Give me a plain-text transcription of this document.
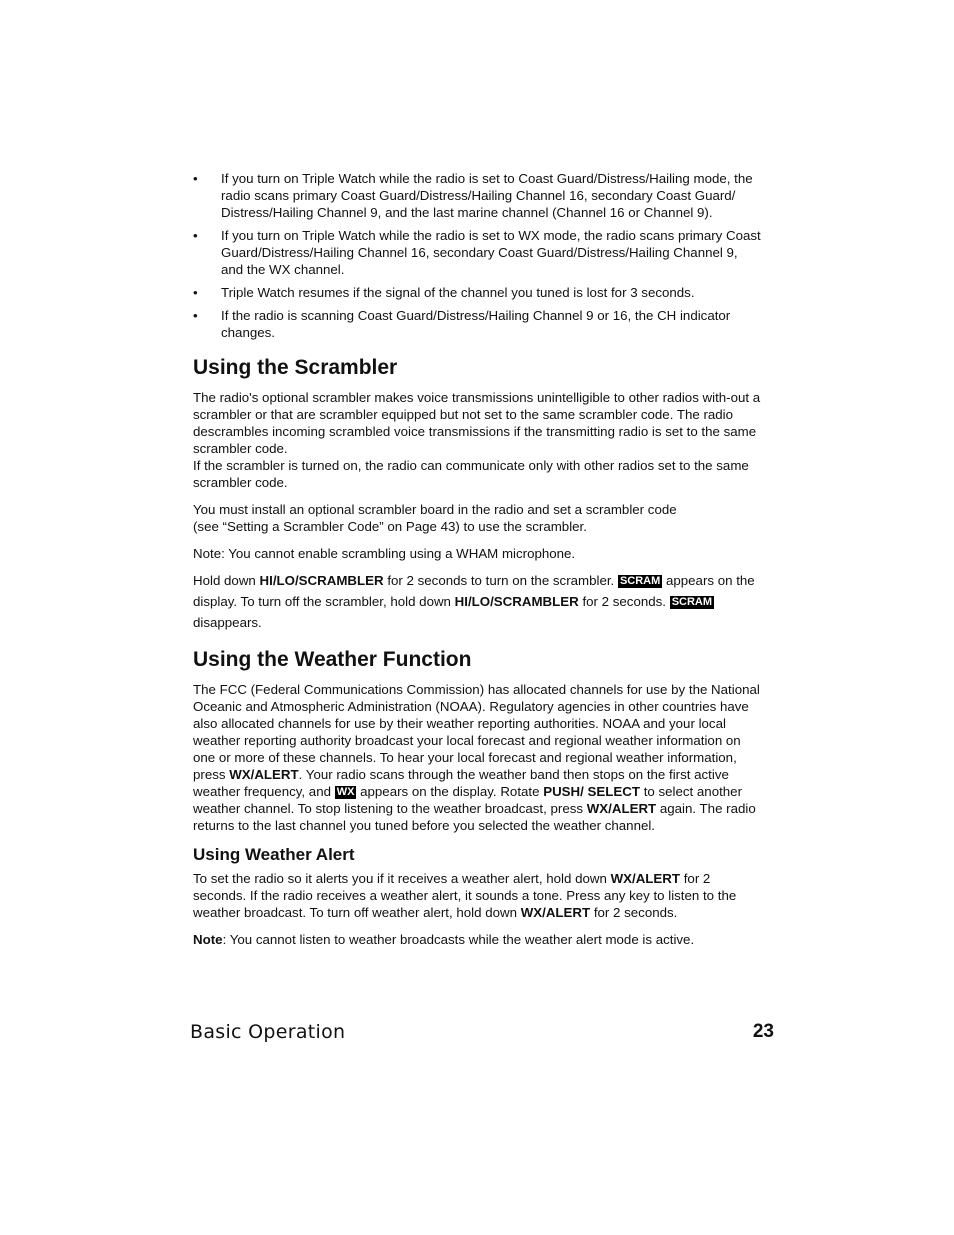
• If you turn on Triple Watch while the radio is set to Coast Guard/Distress/Hailing mode, the radio scans primary Coast Guard/Distress/Hailing Channel 16, secondary Coast Guard/
Distress/Hailing Channel 9, and the last marine channel (Channel 16 or Channel 9).
• If you turn on Triple Watch while the radio is set to WX mode, the radio scans primary Coast Guard/Distress/Hailing Channel 16, secondary Coast Guard/Distress/Hailing Channel 9, and the WX channel.
• Triple Watch resumes if the signal of the channel you tuned is lost for 3 seconds.
• If the radio is scanning Coast Guard/Distress/Hailing Channel 9 or 16, the CH indicator changes.
Using the Scrambler

The radio's optional scrambler makes voice transmissions unintelligible to other radios with-out a scrambler or that are scrambler equipped but not set to the same scrambler code. The radio descrambles incoming scrambled voice transmissions if the transmitting radio is set to the same scrambler code.
If the scrambler is turned on, the radio can communicate only with other radios set to the same scrambler code.

You must install an optional scrambler board in the radio and set a scrambler code
(see “Setting a Scrambler Code” on Page 43) to use the scrambler.

Note: You cannot enable scrambling using a WHAM microphone.

Hold down HI/LO/SCRAMBLER for 2 seconds to turn on the scrambler. SCRAM appears on the display. To turn off the scrambler, hold down HI/LO/SCRAMBLER for 2 seconds. SCRAM
disappears.

Using the Weather Function

The FCC (Federal Communications Commission) has allocated channels for use by the National Oceanic and Atmospheric Administration (NOAA). Regulatory agencies in other countries have also allocated channels for use by their weather reporting authorities. NOAA and your local weather reporting authority broadcast your local forecast and regional weather information on one or more of these channels. To hear your local forecast and regional weather information, press WX/ALERT. Your radio scans through the weather band then stops on the first active weather frequency, and WX appears on the display. Rotate PUSH/ SELECT to select another weather channel. To stop listening to the weather broadcast, press WX/ALERT again. The radio returns to the last channel you tuned before you selected the weather channel.

Using Weather Alert

To set the radio so it alerts you if it receives a weather alert, hold down WX/ALERT for 2 seconds. If the radio receives a weather alert, it sounds a tone. Press any key to listen to the weather broadcast. To turn off weather alert, hold down WX/ALERT for 2 seconds.

Note: You cannot listen to weather broadcasts while the weather alert mode is active.

Basic Operation	23
